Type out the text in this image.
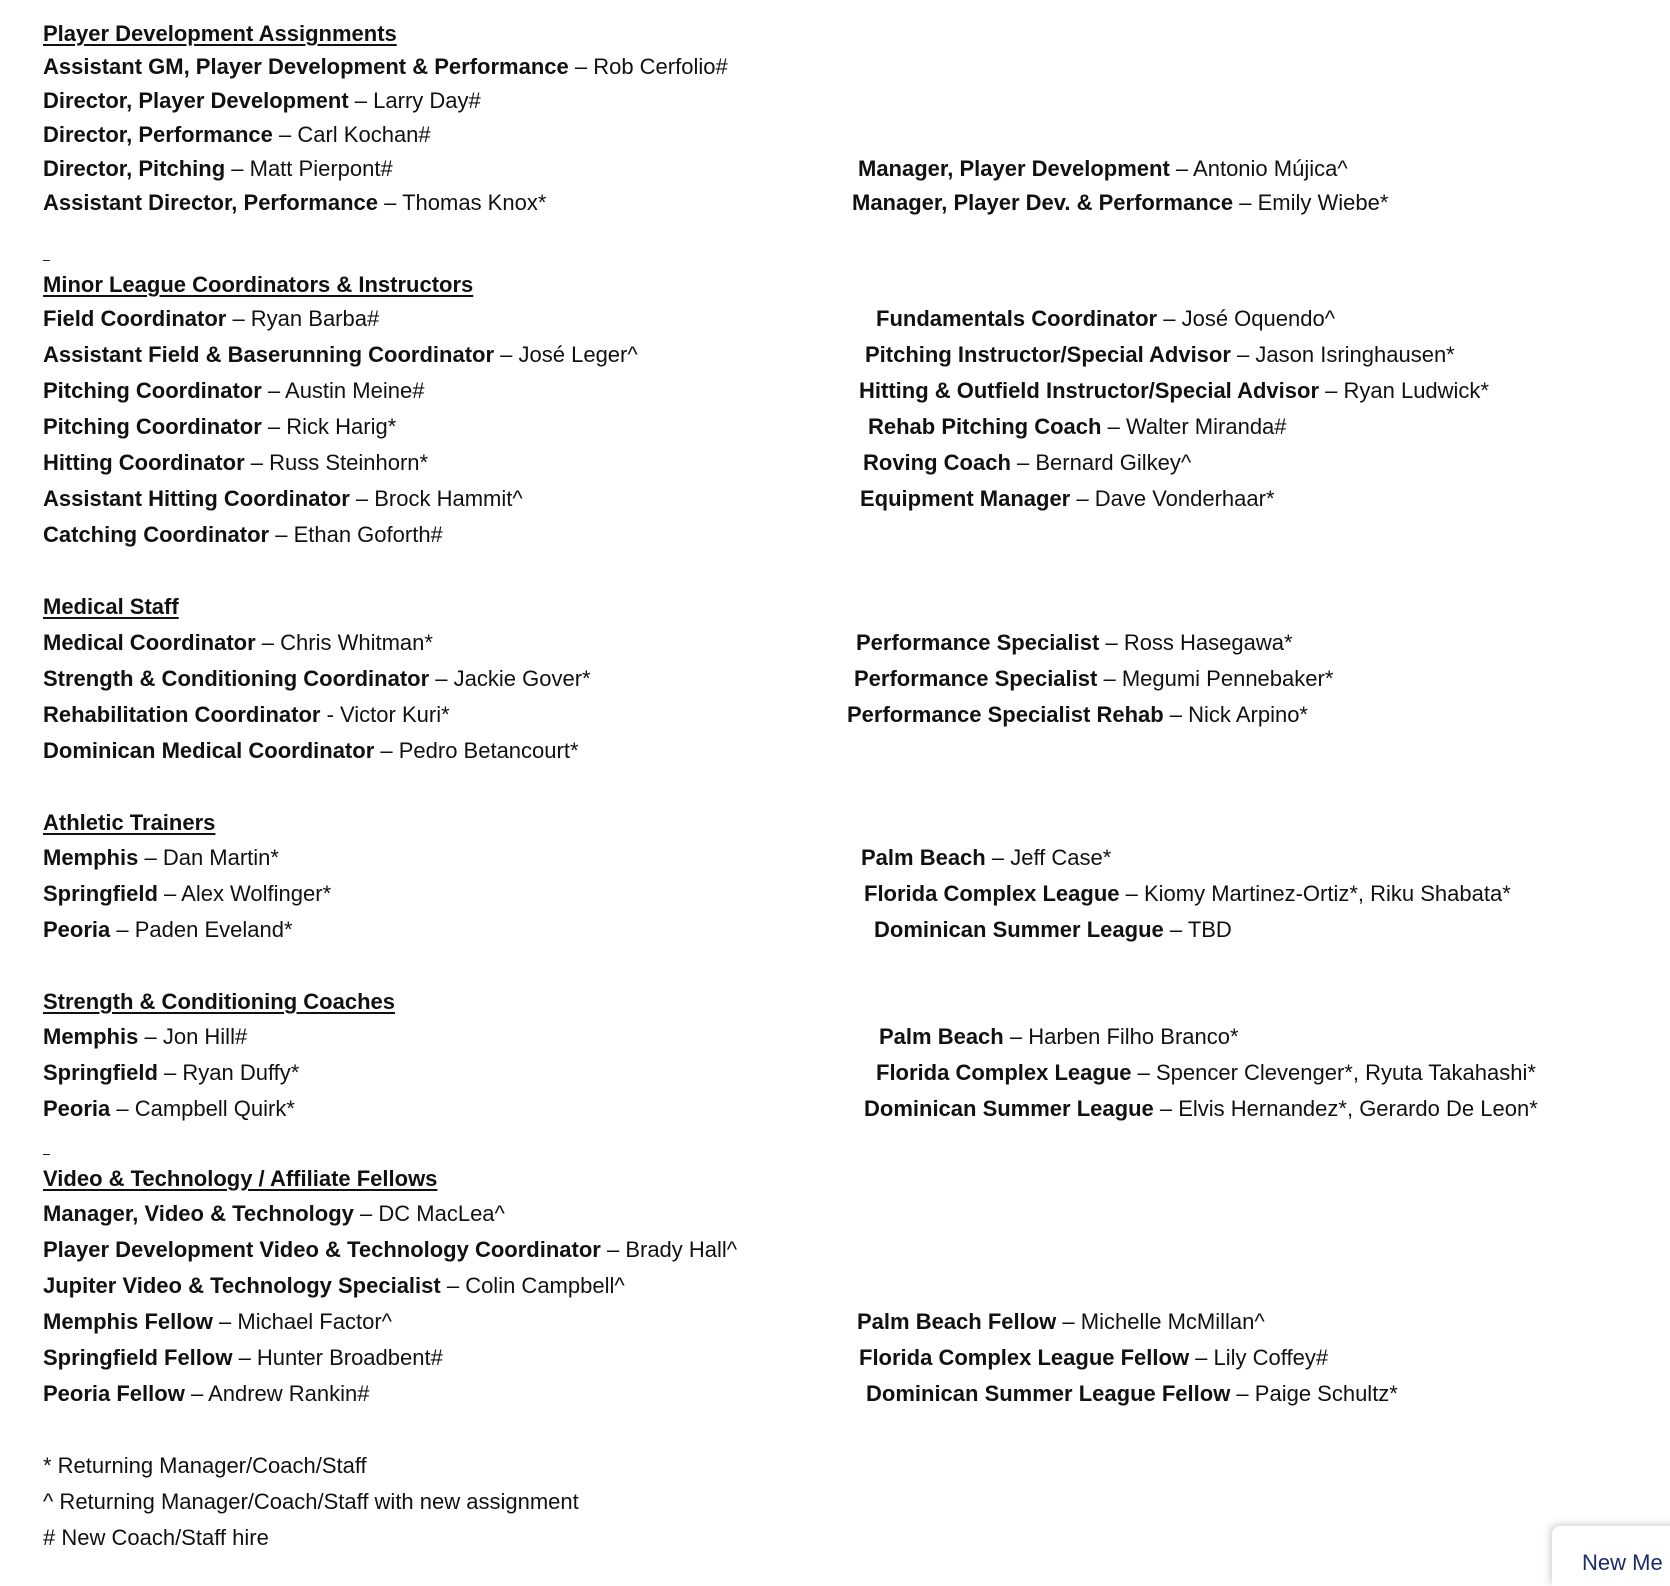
Player Development Assignments
Assistant GM, Player Development & Performance – Rob Cerfolio#
Director, Player Development – Larry Day#
Director, Performance – Carl Kochan#
Director, Pitching – Matt Pierpont#
Assistant Director, Performance – Thomas Knox*
Manager, Player Development – Antonio Mújica^
Manager, Player Dev. & Performance – Emily Wiebe*
Minor League Coordinators & Instructors
Field Coordinator – Ryan Barba#
Assistant Field & Baserunning Coordinator – José Leger^
Pitching Coordinator – Austin Meine#
Pitching Coordinator – Rick Harig*
Hitting Coordinator – Russ Steinhorn*
Assistant Hitting Coordinator – Brock Hammit^
Catching Coordinator – Ethan Goforth#
Fundamentals Coordinator – José Oquendo^
Pitching Instructor/Special Advisor – Jason Isringhausen*
Hitting & Outfield Instructor/Special Advisor – Ryan Ludwick*
Rehab Pitching Coach – Walter Miranda#
Roving Coach – Bernard Gilkey^
Equipment Manager – Dave Vonderhaar*
Medical Staff
Medical Coordinator – Chris Whitman*
Strength & Conditioning Coordinator – Jackie Gover*
Rehabilitation Coordinator - Victor Kuri*
Dominican Medical Coordinator – Pedro Betancourt*
Performance Specialist – Ross Hasegawa*
Performance Specialist – Megumi Pennebaker*
Performance Specialist Rehab – Nick Arpino*
Athletic Trainers
Memphis – Dan Martin*
Springfield – Alex Wolfinger*
Peoria – Paden Eveland*
Palm Beach – Jeff Case*
Florida Complex League – Kiomy Martinez-Ortiz*, Riku Shabata*
Dominican Summer League – TBD
Strength & Conditioning Coaches
Memphis – Jon Hill#
Springfield – Ryan Duffy*
Peoria – Campbell Quirk*
Palm Beach – Harben Filho Branco*
Florida Complex League – Spencer Clevenger*, Ryuta Takahashi*
Dominican Summer League – Elvis Hernandez*, Gerardo De Leon*
Video & Technology / Affiliate Fellows
Manager, Video & Technology – DC MacLea^
Player Development Video & Technology Coordinator – Brady Hall^
Jupiter Video & Technology Specialist – Colin Campbell^
Memphis Fellow – Michael Factor^
Springfield Fellow – Hunter Broadbent#
Peoria Fellow – Andrew Rankin#
Palm Beach Fellow – Michelle McMillan^
Florida Complex League Fellow – Lily Coffey#
Dominican Summer League Fellow – Paige Schultz*
* Returning Manager/Coach/Staff
^ Returning Manager/Coach/Staff with new assignment
# New Coach/Staff hire
New Me
